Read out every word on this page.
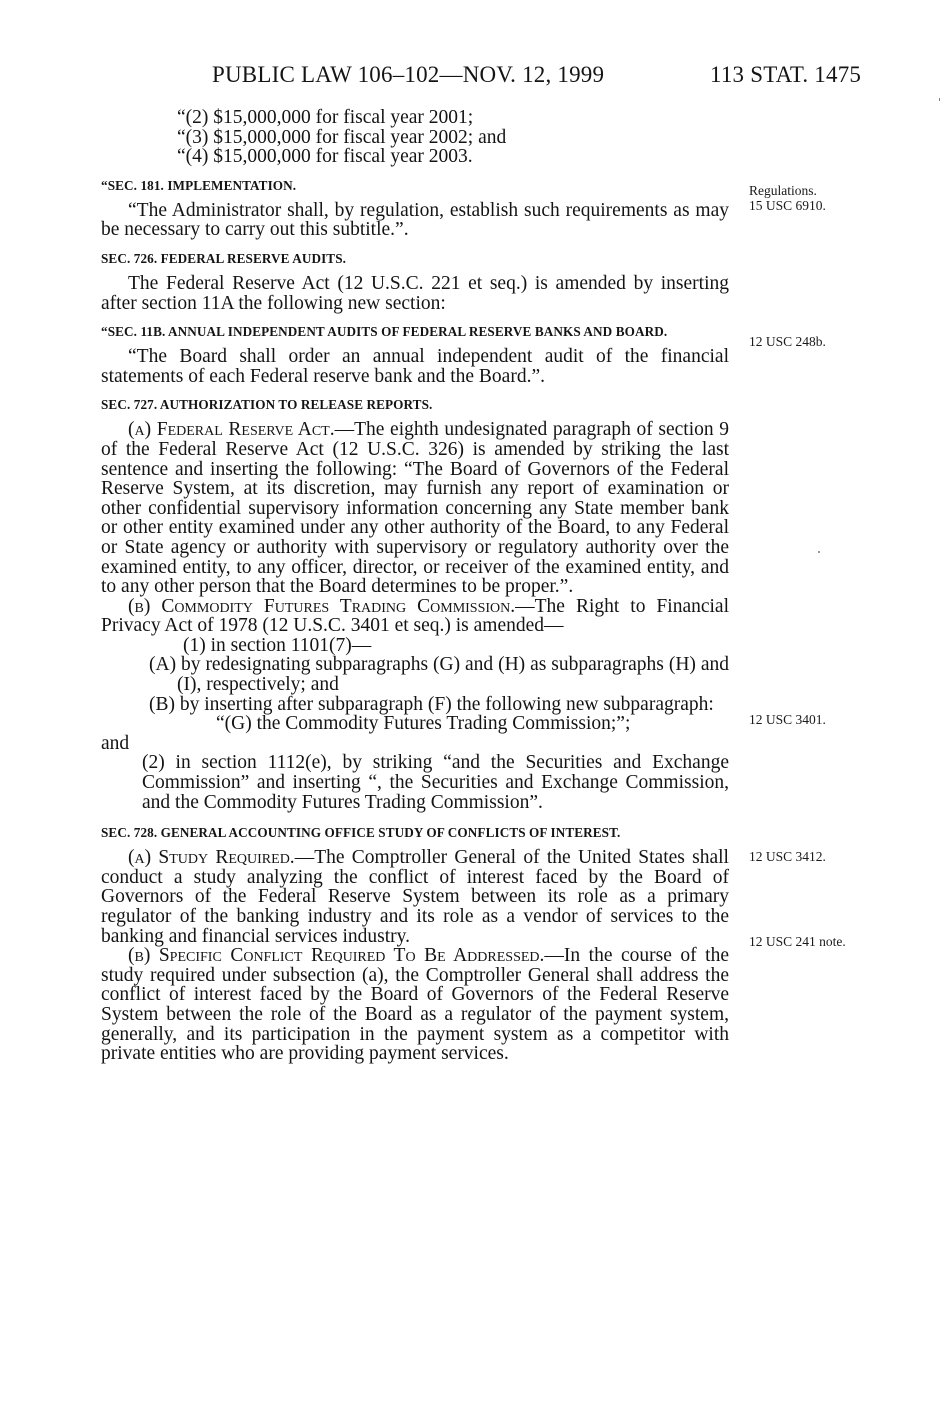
PUBLIC LAW 106–102—NOV. 12, 1999	113 STAT. 1475

“(2) $15,000,000 for fiscal year 2001;

“(3) $15,000,000 for fiscal year 2002; and

“(4) $15,000,000 for fiscal year 2003.

“SEC. 181. IMPLEMENTATION.

“The Administrator shall, by regulation, establish such requirements as may be necessary to carry out this subtitle.”.

SEC. 726. FEDERAL RESERVE AUDITS.

The Federal Reserve Act (12 U.S.C. 221 et seq.) is amended by inserting after section 11A the following new section:

“SEC. 11B. ANNUAL INDEPENDENT AUDITS OF FEDERAL RESERVE BANKS AND BOARD.

“The Board shall order an annual independent audit of the financial statements of each Federal reserve bank and the Board.”.

SEC. 727. AUTHORIZATION TO RELEASE REPORTS.

(a) Federal Reserve Act.—The eighth undesignated paragraph of section 9 of the Federal Reserve Act (12 U.S.C. 326) is amended by striking the last sentence and inserting the following: “The Board of Governors of the Federal Reserve System, at its discretion, may furnish any report of examination or other confidential supervisory information concerning any State member bank or other entity examined under any other authority of the Board, to any Federal or State agency or authority with supervisory or regulatory authority over the examined entity, to any officer, director, or receiver of the examined entity, and to any other person that the Board determines to be proper.”.

(b) Commodity Futures Trading Commission.—The Right to Financial Privacy Act of 1978 (12 U.S.C. 3401 et seq.) is amended—

(1) in section 1101(7)—

(A) by redesignating subparagraphs (G) and (H) as subparagraphs (H) and (I), respectively; and

(B) by inserting after subparagraph (F) the following new subparagraph:

“(G) the Commodity Futures Trading Commission;”;

and

(2) in section 1112(e), by striking “and the Securities and Exchange Commission” and inserting “, the Securities and Exchange Commission, and the Commodity Futures Trading Commission”.

SEC. 728. GENERAL ACCOUNTING OFFICE STUDY OF CONFLICTS OF INTEREST.

(a) Study Required.—The Comptroller General of the United States shall conduct a study analyzing the conflict of interest faced by the Board of Governors of the Federal Reserve System between its role as a primary regulator of the banking industry and its role as a vendor of services to the banking and financial services industry.

(b) Specific Conflict Required To Be Addressed.—In the course of the study required under subsection (a), the Comptroller General shall address the conflict of interest faced by the Board of Governors of the Federal Reserve System between the role of the Board as a regulator of the payment system, generally, and its participation in the payment system as a competitor with private entities who are providing payment services.

Regulations.
15 USC 6910.
12 USC 248b.
12 USC 3401.
12 USC 3412.
12 USC 241 note.
